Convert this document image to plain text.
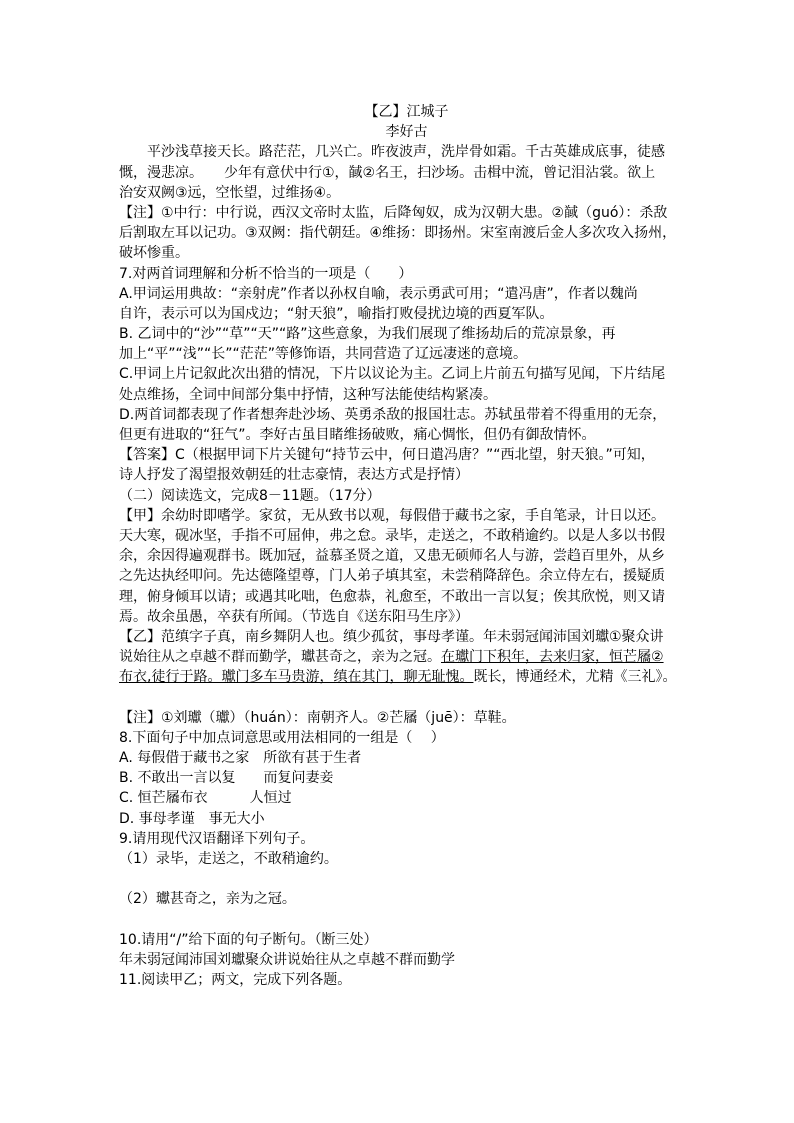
【乙】江城子
李好古
　　平沙浅草接天长。路茫茫，几兴亡。昨夜波声，洗岸骨如霜。千古英雄成底事，徒感
慨，漫悲凉。　　少年有意伏中行①，馘②名王，扫沙场。击楫中流，曾记泪沾裳。欲上
治安双阙③远，空怅望，过维扬④。
【注】①中行：中行说，西汉文帝时太监，后降匈奴，成为汉朝大患。②馘（guó）：杀敌
后割取左耳以记功。③双阙：指代朝廷。④维扬：即扬州。宋室南渡后金人多次攻入扬州，
破坏惨重。
7.对两首词理解和分析不恰当的一项是（　　）
A.甲词运用典故：“亲射虎”作者以孙权自喻，表示勇武可用；“遣冯唐”，作者以魏尚
自许，表示可以为国戍边；“射天狼”，喻指打败侵扰边境的西夏军队。
B. 乙词中的“沙”“草”“天”“路”这些意象，为我们展现了维扬劫后的荒凉景象，再
加上“平”“浅”“长”“茫茫”等修饰语，共同营造了辽远凄迷的意境。
C.甲词上片记叙此次出猎的情况，下片以议论为主。乙词上片前五句描写见闻，下片结尾
处点维扬，全词中间部分集中抒情，这种写法能使结构紧凑。
D.两首词都表现了作者想奔赴沙场、英勇杀敌的报国壮志。苏轼虽带着不得重用的无奈，
但更有进取的“狂气”。李好古虽目睹维扬破败，痛心惆怅，但仍有御敌情怀。
【答案】C（根据甲词下片关键句“持节云中，何日遣冯唐？”“西北望，射天狼。”可知，
诗人抒发了渴望报效朝廷的壮志豪情，表达方式是抒情）
（二）阅读选文，完成8－11题。（17分）
【甲】余幼时即嗜学。家贫，无从致书以观，每假借于藏书之家，手自笔录，计日以还。
天大寒，砚冰坚，手指不可屈伸，弗之怠。录毕，走送之，不敢稍逾约。以是人多以书假
余，余因得遍观群书。既加冠，益慕圣贤之道，又患无硕师名人与游，尝趋百里外，从乡
之先达执经叩问。先达德隆望尊，门人弟子填其室，未尝稍降辞色。余立侍左右，援疑质
理，俯身倾耳以请；或遇其叱咄，色愈恭，礼愈至，不敢出一言以复；俟其欣悦，则又请
焉。故余虽愚，卒获有所闻。（节选自《送东阳马生序》）
【乙】范缜字子真，南乡舞阴人也。缜少孤贫，事母孝谨。年未弱冠闻沛国刘瓛①聚众讲
说始往从之卓越不群而勤学，瓛甚奇之，亲为之冠。在瓛门下积年，去来归家，恒芒屩②
布衣,徒行于路。瓛门多车马贵游，缜在其门，聊无耻愧。既长，博通经术，尤精《三礼》。
【注】①刘瓛（瓛）（huán）：南朝齐人。②芒屩（juē）：草鞋。
8.下面句子中加点词意思或用法相同的一组是（　 ）
A. 每假借于藏书之家　所欲有甚于生者
B. 不敢出一言以复　　而复问妻妾
C. 恒芒屩布衣　　　人恒过
D. 事母孝谨　事无大小
9.请用现代汉语翻译下列句子。
（1）录毕，走送之，不敢稍逾约。
（2）瓛甚奇之，亲为之冠。
10.请用“/”给下面的句子断句。（断三处）
年未弱冠闻沛国刘瓛聚众讲说始往从之卓越不群而勤学
11.阅读甲乙；两文，完成下列各题。
